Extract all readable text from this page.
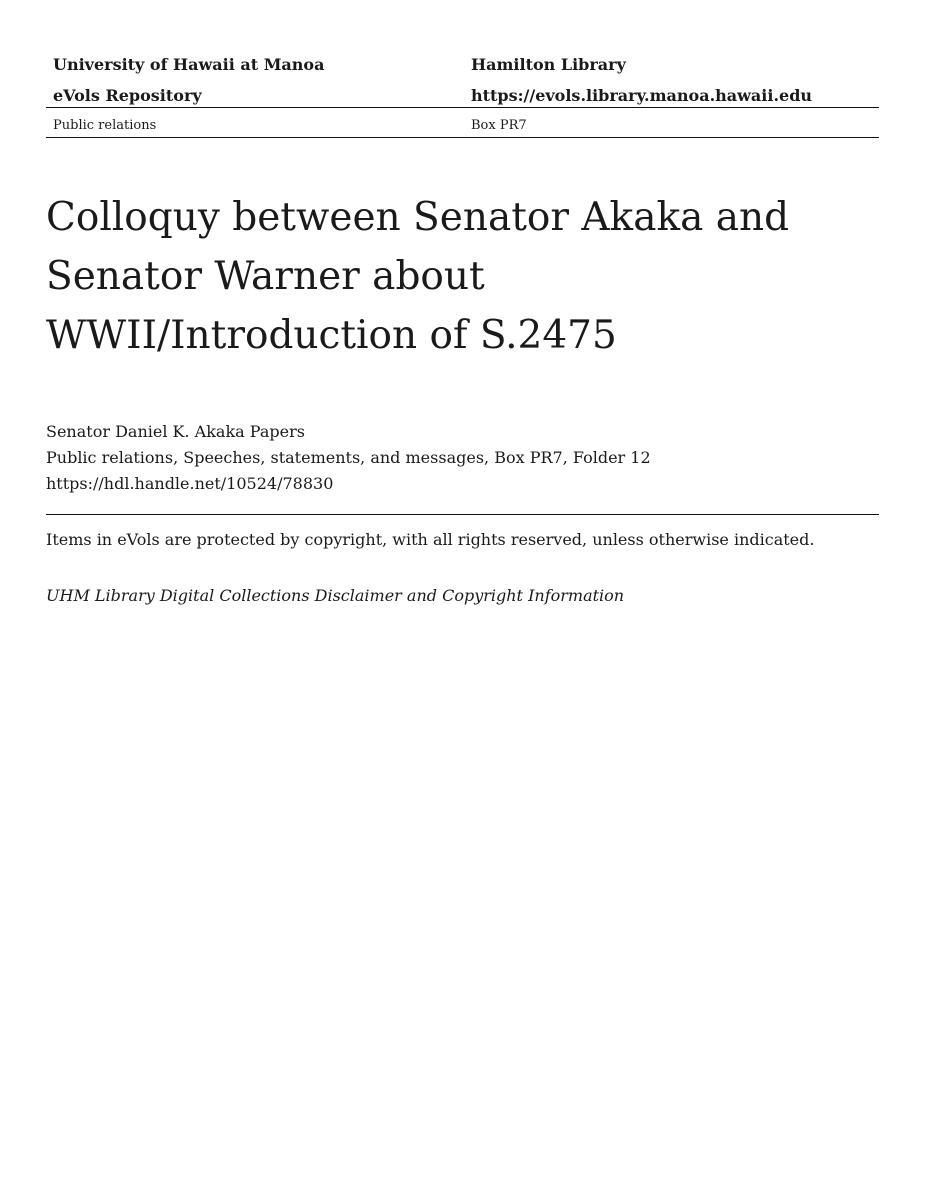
University of Hawaii at Manoa	Hamilton Library
eVols Repository	https://evols.library.manoa.hawaii.edu
Public relations	Box PR7
Colloquy between Senator Akaka and
Senator Warner about
WWII/Introduction of S.2475
Senator Daniel K. Akaka Papers
Public relations, Speeches, statements, and messages, Box PR7, Folder 12
https://hdl.handle.net/10524/78830
Items in eVols are protected by copyright, with all rights reserved, unless otherwise indicated.
UHM Library Digital Collections Disclaimer and Copyright Information
